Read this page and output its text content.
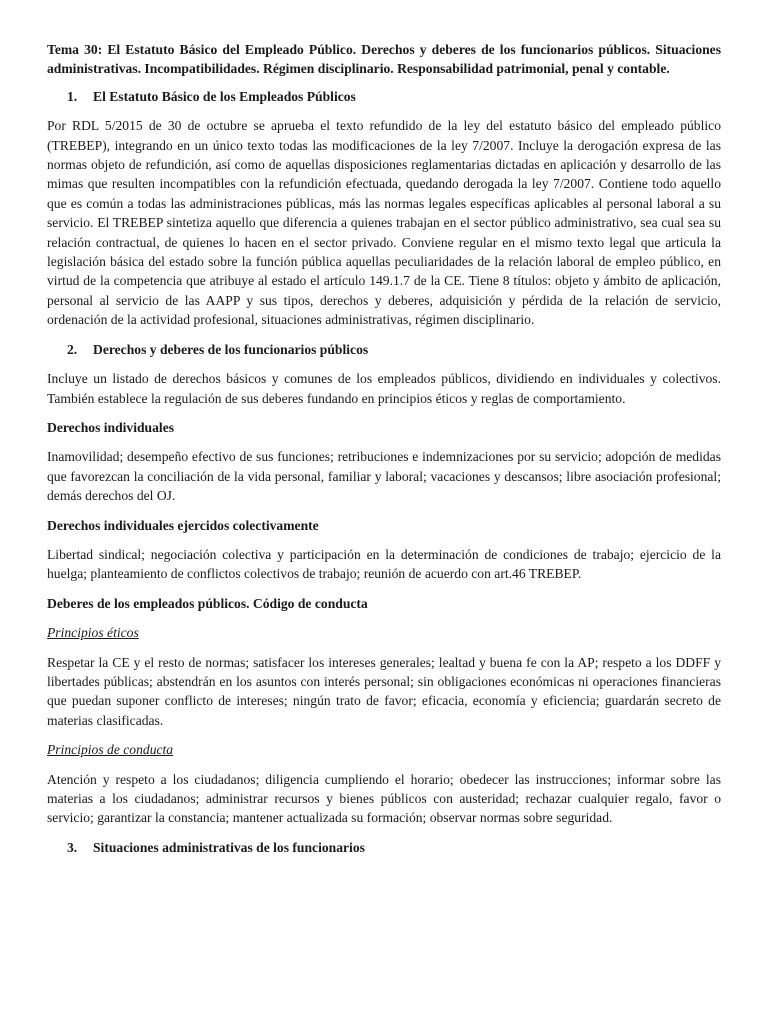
Tema 30: El Estatuto Básico del Empleado Público. Derechos y deberes de los funcionarios públicos. Situaciones administrativas. Incompatibilidades. Régimen disciplinario. Responsabilidad patrimonial, penal y contable.

1.	El Estatuto Básico de los Empleados Públicos

Por RDL 5/2015 de 30 de octubre se aprueba el texto refundido de la ley del estatuto básico del empleado público (TREBEP), integrando en un único texto todas las modificaciones de la ley 7/2007. Incluye la derogación expresa de las normas objeto de refundición, así como de aquellas disposiciones reglamentarias dictadas en aplicación y desarrollo de las mimas que resulten incompatibles con la refundición efectuada, quedando derogada la ley 7/2007. Contiene todo aquello que es común a todas las administraciones públicas, más las normas legales específicas aplicables al personal laboral a su servicio. El TREBEP sintetiza aquello que diferencia a quienes trabajan en el sector público administrativo, sea cual sea su relación contractual, de quienes lo hacen en el sector privado. Conviene regular en el mismo texto legal que articula la legislación básica del estado sobre la función pública aquellas peculiaridades de la relación laboral de empleo público, en virtud de la competencia que atribuye al estado el artículo 149.1.7 de la CE. Tiene 8 títulos: objeto y ámbito de aplicación, personal al servicio de las AAPP y sus tipos, derechos y deberes, adquisición y pérdida de la relación de servicio, ordenación de la actividad profesional, situaciones administrativas, régimen disciplinario.

2.	Derechos y deberes de los funcionarios públicos

Incluye un listado de derechos básicos y comunes de los empleados públicos, dividiendo en individuales y colectivos. También establece la regulación de sus deberes fundando en principios éticos y reglas de comportamiento.

Derechos individuales

Inamovilidad; desempeño efectivo de sus funciones; retribuciones e indemnizaciones por su servicio; adopción de medidas que favorezcan la conciliación de la vida personal, familiar y laboral; vacaciones y descansos; libre asociación profesional; demás derechos del OJ.

Derechos individuales ejercidos colectivamente

Libertad sindical; negociación colectiva y participación en la determinación de condiciones de trabajo; ejercicio de la huelga; planteamiento de conflictos colectivos de trabajo; reunión de acuerdo con art.46 TREBEP.

Deberes de los empleados públicos. Código de conducta

Principios éticos

Respetar la CE y el resto de normas; satisfacer los intereses generales; lealtad y buena fe con la AP; respeto a los DDFF y libertades públicas; abstendrán en los asuntos con interés personal; sin obligaciones económicas ni operaciones financieras que puedan suponer conflicto de intereses; ningún trato de favor; eficacia, economía y eficiencia; guardarán secreto de materias clasificadas.

Principios de conducta

Atención y respeto a los ciudadanos; diligencia cumpliendo el horario; obedecer las instrucciones; informar sobre las materias a los ciudadanos; administrar recursos y bienes públicos con austeridad; rechazar cualquier regalo, favor o servicio; garantizar la constancia; mantener actualizada su formación; observar normas sobre seguridad.

3.	Situaciones administrativas de los funcionarios
